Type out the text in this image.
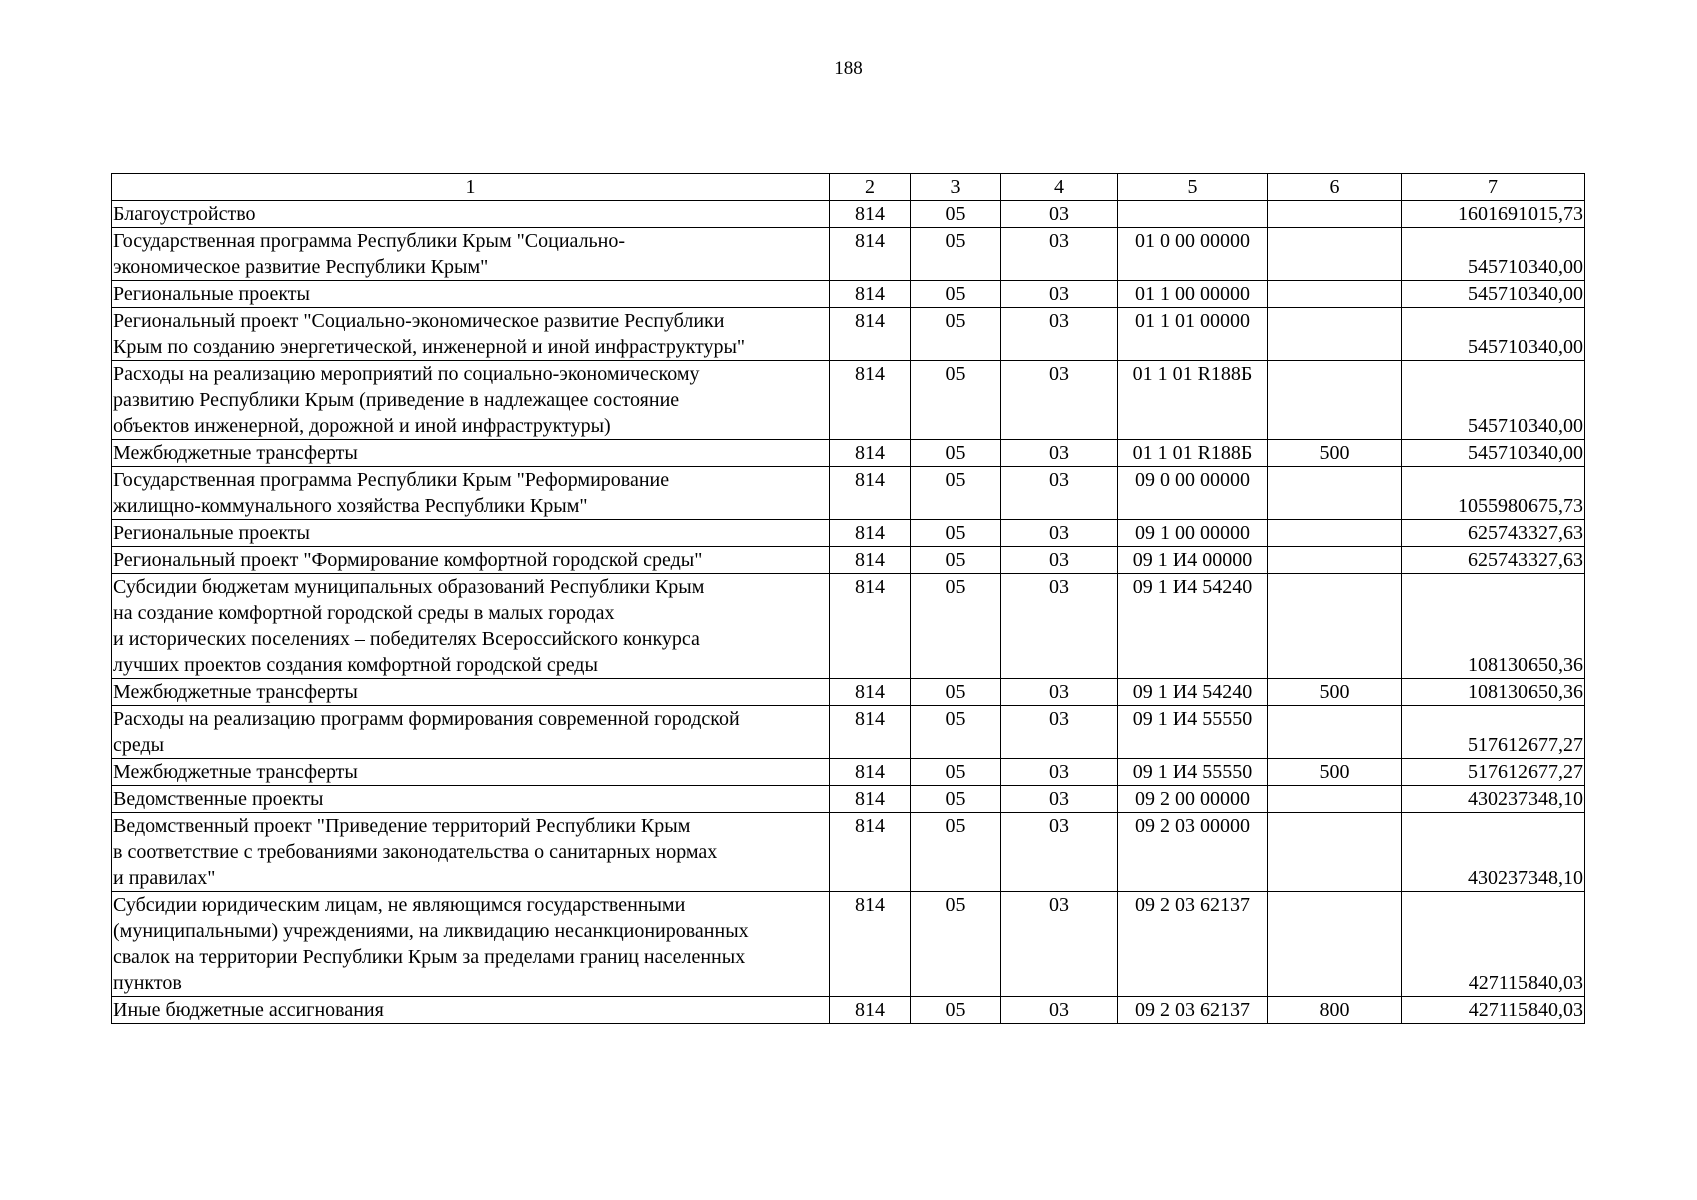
188
1	2	3	4	5	6	7
Благоустройство	814	05	03			1601691015,73
Государственная программа Республики Крым "Социально-
экономическое развитие Республики Крым"	814	05	03	01 0 00 00000		545710340,00
Региональные проекты	814	05	03	01 1 00 00000		545710340,00
Региональный проект "Социально-экономическое развитие Республики
Крым по созданию энергетической, инженерной и иной инфраструктуры"	814	05	03	01 1 01 00000		545710340,00
Расходы на реализацию мероприятий по социально-экономическому
развитию Республики Крым (приведение в надлежащее состояние
объектов инженерной, дорожной и иной инфраструктуры)	814	05	03	01 1 01 R188Б		545710340,00
Межбюджетные трансферты	814	05	03	01 1 01 R188Б	500	545710340,00
Государственная программа Республики Крым "Реформирование
жилищно-коммунального хозяйства Республики Крым"	814	05	03	09 0 00 00000		1055980675,73
Региональные проекты	814	05	03	09 1 00 00000		625743327,63
Региональный проект "Формирование комфортной городской среды"	814	05	03	09 1 И4 00000		625743327,63
Субсидии бюджетам муниципальных образований Республики Крым
на создание комфортной городской среды в малых городах
и исторических поселениях – победителях Всероссийского конкурса
лучших проектов создания комфортной городской среды	814	05	03	09 1 И4 54240		108130650,36
Межбюджетные трансферты	814	05	03	09 1 И4 54240	500	108130650,36
Расходы на реализацию программ формирования современной городской
среды	814	05	03	09 1 И4 55550		517612677,27
Межбюджетные трансферты	814	05	03	09 1 И4 55550	500	517612677,27
Ведомственные проекты	814	05	03	09 2 00 00000		430237348,10
Ведомственный проект "Приведение территорий Республики Крым
в соответствие с требованиями законодательства о санитарных нормах
и правилах"	814	05	03	09 2 03 00000		430237348,10
Субсидии юридическим лицам, не являющимся государственными
(муниципальными) учреждениями, на ликвидацию несанкционированных
свалок на территории Республики Крым за пределами границ населенных
пунктов	814	05	03	09 2 03 62137		427115840,03
Иные бюджетные ассигнования	814	05	03	09 2 03 62137	800	427115840,03
